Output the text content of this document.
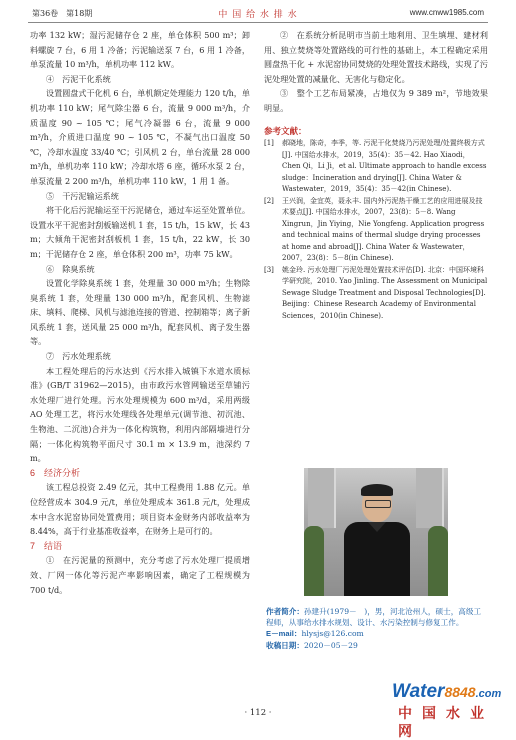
第36卷　第18期	中 国 给 水 排 水	www.cnww1985.com

功率 132 kW；湿污泥储存仓 2 座，单仓体积 500 m³；卸料螺旋 7 台，6 用 1 冷备；污泥输送泵 7 台，6 用 1 冷备，单泵流量 10 m³/h，单机功率 112 kW。

④　污泥干化系统

设置圆盘式干化机 6 台，单机额定处理能力 120 t/h，单机功率 110 kW；尾气除尘器 6 台，流量 9 000 m³/h，介质温度 90 ~ 105 ℃；尾气冷凝器 6 台，流量 9 000 m³/h，介质进口温度 90 ~ 105 ℃，不凝气出口温度 50 ℃，冷却水温度 33/40 ℃；引风机 2 台，单台流量 28 000 m³/h，单机功率 110 kW；冷却水塔 6 座，循环水泵 2 台，单泵流量 2 200 m³/h，单机功率 110 kW，1 用 1 备。

⑤　干污泥输运系统

将干化后污泥输运至干污泥储仓，通过车运至处置单位。设置水平干泥密封刮板输送机 1 套，15 t/h，15 kW，长 43 m；大倾角干泥密封刮板机 1 套，15 t/h，22 kW，长 30 m；干泥储存仓 2 座，单仓体积 200 m³，功率 75 kW。

⑥　除臭系统

设置化学除臭系统 1 套，处理量 30 000 m³/h；生物除臭系统 1 套，处理量 130 000 m³/h，配套风机、生物滤床、填料、爬梯、风机与滤池连接的管道、控制箱等；离子新风系统 1 套，送风量 25 000 m³/h，配套风机、离子发生器等。

⑦　污水处理系统

本工程处理后的污水达到《污水排入城镇下水道水质标准》(GB/T 31962—2015)，由市政污水管网输送至草铺污水处理厂进行处理。污水处理规模为 600 m³/d，采用两级 AO 处理工艺，将污水处理线各处理单元(调节池、初沉池、生物池、二沉池)合并为一体化构筑物，利用内部隔墙进行分隔；一体化构筑物平面尺寸 30.1 m × 13.9 m，池深约 7 m。

6　经济分析

该工程总投资 2.49 亿元，其中工程费用 1.88 亿元。单位经营成本 304.9 元/t，单位处理成本 361.8 元/t，处理成本中含水泥窑协同处置费用；项目资本金财务内部收益率为 8.44%，高于行业基准收益率，在财务上是可行的。

7　结语

①　在污泥量的预测中，充分考虑了污水处理厂提质增效、厂网一体化等污泥产率影响因素，确定了工程规模为 700 t/d。

②　在系统分析昆明市当前土地利用、卫生填埋、建材利用、独立焚烧等处置路线的可行性的基础上，本工程确定采用圆盘热干化 + 水泥窑协同焚烧的处理处置技术路线，实现了污泥处理处置的减量化、无害化与稳定化。

③　整个工艺布局紧凑，占地仅为 9 389 m²，节地效果明显。

参考文献：
[1]	郝晓地，陈奇，李季，等. 污泥干化焚烧乃污泥处理/处置终极方式[J]. 中国给水排水，2019，35(4)：35－42. Hao Xiaodi，Chen Qi，Li Ji，et al. Ultimate approach to handle excess sludge：Incineration and drying[J]. China Water & Wastewater，2019，35(4)：35－42(in Chinese).
[2]	王兴润，金宜英，聂永丰. 国内外污泥热干燥工艺的应用进展及技术要点[J]. 中国给水排水，2007，23(8)：5－8. Wang Xingrun，Jin Yiying，Nie Yongfeng. Application progress and technical mains of thermal sludge drying processes at home and abroad[J]. China Water & Wastewater，2007，23(8)：5－8(in Chinese).
[3]	姚金玲. 污水处理厂污泥处理处置技术评估[D]. 北京：中国环境科学研究院，2010. Yao Jinling. The Assessment on Municipal Sewage Sludge Treatment and Disposal Technologies[D]. Beijing：Chinese Research Academy of Environmental Sciences，2010(in Chinese).

作者简介：孙建升(1979－　)，男，河北沧州人，硕士，高级工程师，从事给水排水规划、设计、水污染控制与修复工作。

E－mail：hlysjs@126.com

收稿日期：2020－05－29

· 112 ·
Water8848.com
中国水业网
